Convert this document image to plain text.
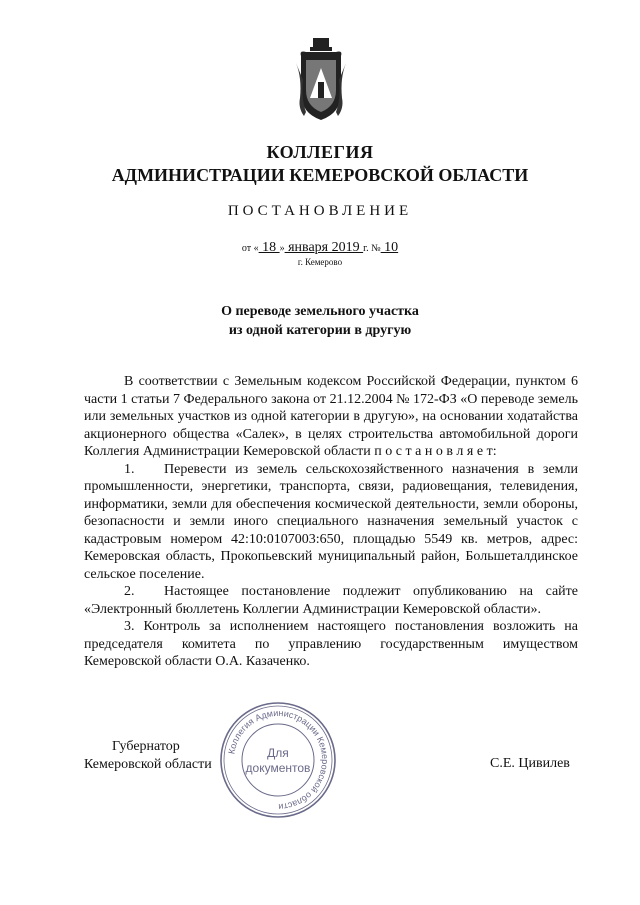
КОЛЛЕГИЯ
АДМИНИСТРАЦИИ КЕМЕРОВСКОЙ ОБЛАСТИ
ПОСТАНОВЛЕНИЕ
от « 18 » января 2019 г. № 10
г. Кемерово
О переводе земельного участка
из одной категории в другую

В соответствии с Земельным кодексом Российской Федерации, пунктом 6 части 1 статьи 7 Федерального закона от 21.12.2004 № 172-ФЗ «О переводе земель или земельных участков из одной категории в другую», на основании ходатайства акционерного общества «Салек», в целях строительства автомобильной дороги Коллегия Администрации Кемеровской области п о с т а н о в л я е т:

1. Перевести из земель сельскохозяйственного назначения в земли промышленности, энергетики, транспорта, связи, радиовещания, телевидения, информатики, земли для обеспечения космической деятельности, земли обороны, безопасности и земли иного специального назначения земельный участок с кадастровым номером 42:10:0107003:650, площадью 5549 кв. метров, адрес: Кемеровская область, Прокопьевский муниципальный район, Большеталдинское сельское поселение.

2. Настоящее постановление подлежит опубликованию на сайте «Электронный бюллетень Коллегии Администрации Кемеровской области».

3. Контроль за исполнением настоящего постановления возложить на председателя комитета по управлению государственным имуществом Кемеровской области О.А. Казаченко.

Губернатор
Кемеровской области	С.Е. Цивилев
Коллегия Администрации Кемеровской области
Для
документов
